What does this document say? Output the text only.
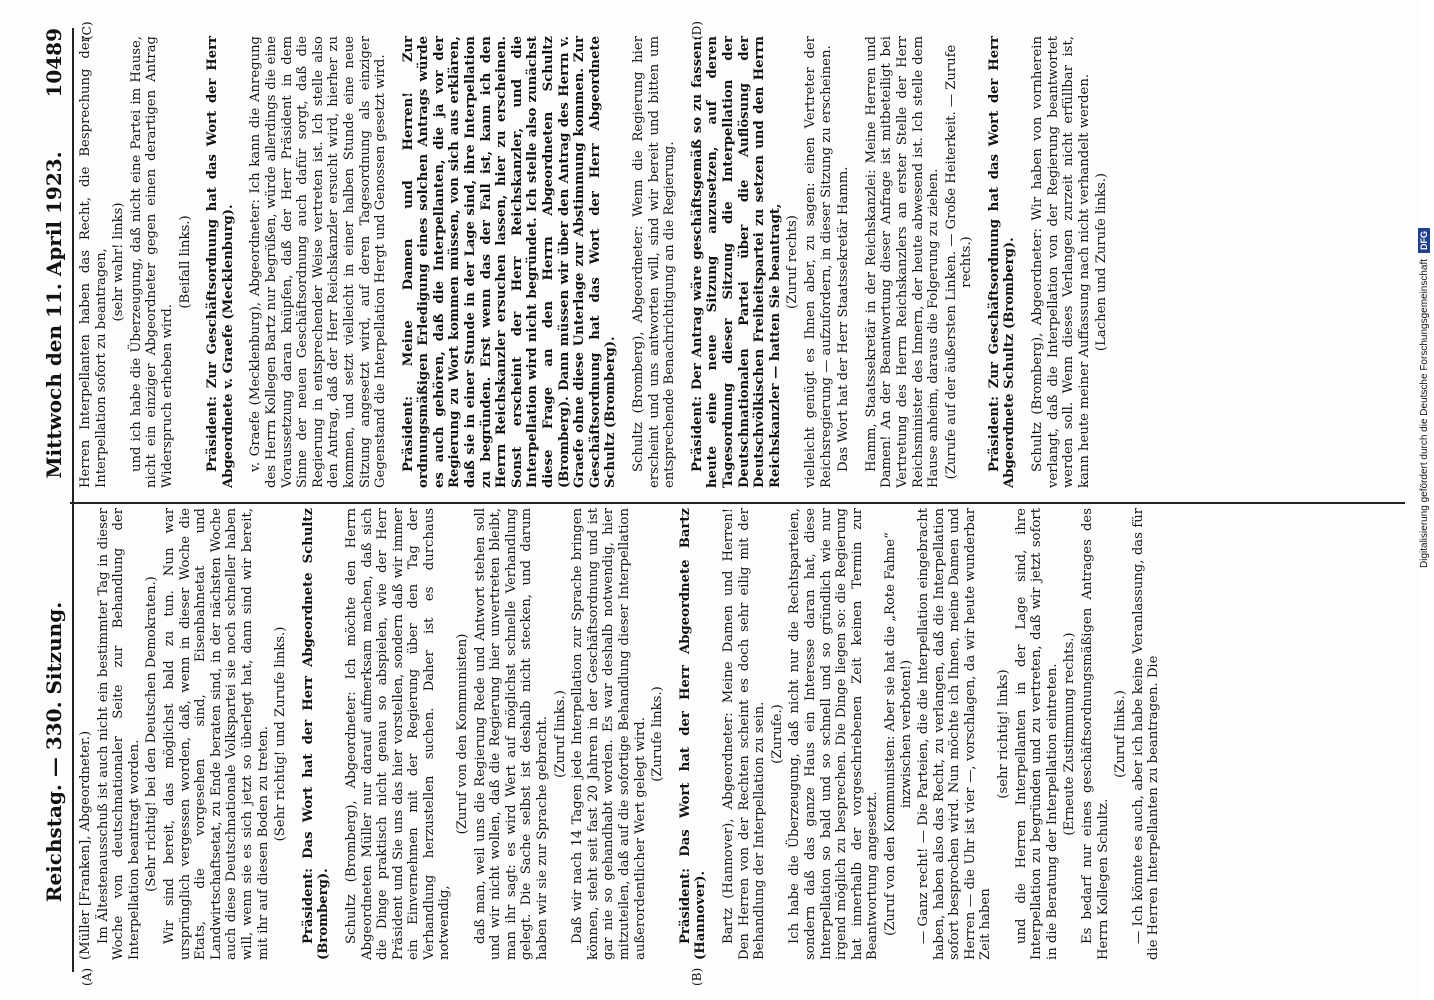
Reichstag. — 330. Sitzung.
Mittwoch den 11. April 1923.
10489
(A)	(B)
(C)	(D)

(Müller [Franken], Abgeordneter.) Im Ältestenausschuß ist auch nicht ein bestimmter Tag in dieser Woche von deutschnationaler Seite zur Behandlung der Interpellation beantragt worden. (Sehr richtig! bei den Deutschen Demokraten.) Wir sind bereit, das möglichst bald zu tun. Nun war ursprünglich vergessen worden, daß, wenn in dieser Woche die Etats, die vorgesehen sind, Eisenbahnetat und Landwirtschaftsetat, zu Ende beraten sind, in der nächsten Woche auch diese Deutschnationale Volkspartei sie noch schneller haben will, wenn sie es sich jetzt so überlegt hat, dann sind wir bereit, mit ihr auf diesen Boden zu treten. (Sehr richtig! und Zurufe links.) Präsident: Das Wort hat der Herr Abgeordnete Schultz (Bromberg). Schultz (Bromberg), Abgeordneter: Ich möchte den Herrn Abgeordneten Müller nur darauf aufmerksam machen, daß sich die Dinge praktisch nicht genau so abspielen, wie der Herr Präsident und Sie uns das hier vorstellen, sondern daß wir immer ein Einvernehmen mit der Regierung über den Tag der Verhandlung herzustellen suchen. Daher ist es durchaus notwendig,

(Zuruf von den Kommunisten) daß man, weil uns die Regierung Rede und Antwort stehen soll und wir nicht wollen, daß die Regierung hier unvertreten bleibt, man ihr sagt: es wird Wert auf möglichst schnelle Verhandlung gelegt. Die Sache selbst ist deshalb nicht stecken, und darum haben wir sie zur Sprache gebracht. (Zuruf links.) Daß wir nach 14 Tagen jede Interpellation zur Sprache bringen können, steht seit fast 20 Jahren in der Geschäftsordnung und ist gar nie so gehandhabt worden. Es war deshalb notwendig, hier mitzuteilen, daß auf die sofortige Behandlung dieser Interpellation außerordentlicher Wert gelegt wird. (Zurufe links.) Präsident: Das Wort hat der Herr Abgeordnete Bartz (Hannover). Bartz (Hannover), Abgeordneter: Meine Damen und Herren! Den Herren von der Rechten scheint es doch sehr eilig mit der Behandlung der Interpellation zu sein. (Zurufe.) Ich habe die Überzeugung, daß nicht nur die Rechtsparteien, sondern daß das ganze Haus ein Interesse daran hat, diese Interpellation so bald und so schnell und so gründlich wie nur irgend möglich zu besprechen. Die Dinge liegen so: die Regierung hat innerhalb der vorgeschriebenen Zeit keinen Termin zur Beantwortung angesetzt. (Zuruf von den Kommunisten: Aber sie hat die „Rote Fahne“ inzwischen verboten!) — Ganz recht! — Die Parteien, die die Interpellation eingebracht haben, haben also das Recht, zu verlangen, daß die Interpellation sofort besprochen wird. Nun möchte ich Ihnen, meine Damen und Herren — die Uhr ist vier —, vorschlagen, da wir heute wunderbar Zeit haben

(sehr richtig! links) und die Herren Interpellanten in der Lage sind, ihre Interpellation zu begründen und zu vertreten, daß wir jetzt sofort in die Beratung der Interpellation eintreten. (Erneute Zustimmung rechts.) Es bedarf nur eines geschäftsordnungsmäßigen Antrages des Herrn Kollegen Schultz.

(Zuruf links.) — Ich könnte es auch, aber ich habe keine Veranlassung, das für die Herren Interpellanten zu beantragen. Die

Herren Interpellanten haben das Recht, die Besprechung der Interpellation sofort zu beantragen, (sehr wahr! links) und ich habe die Überzeugung, daß nicht eine Partei im Hause, nicht ein einziger Abgeordneter gegen einen derartigen Antrag Widerspruch erheben wird.

(Beifall links.) Präsident: Zur Geschäftsordnung hat das Wort der Herr Abgeordnete v. Graefe (Mecklenburg). v. Graefe (Mecklenburg), Abgeordneter: Ich kann die Anregung des Herrn Kollegen Bartz nur begrüßen, würde allerdings die eine Voraussetzung daran knüpfen, daß der Herr Präsident in dem Sinne der neuen Geschäftsordnung auch dafür sorgt, daß die Regierung in entsprechender Weise vertreten ist. Ich stelle also den Antrag, daß der Herr Reichskanzler ersucht wird, hierher zu kommen, und setzt vielleicht in einer halben Stunde eine neue Sitzung angesetzt wird, auf deren Tagesordnung als einziger Gegenstand die Interpellation Hergt und Genossen gesetzt wird. Präsident: Meine Damen und Herren! Zur ordnungsmäßigen Erledigung eines solchen Antrags würde es auch gehören, daß die Interpellanten, die ja vor der Regierung zu Wort kommen müssen, von sich aus erklären, daß sie in einer Stunde in der Lage sind, ihre Interpellation zu begründen. Erst wenn das der Fall ist, kann ich den Herrn Reichskanzler ersuchen lassen, hier zu erscheinen. Sonst erscheint der Herr Reichskanzler, und die Interpellation wird nicht begründet. Ich stelle also zunächst diese Frage an den Herrn Abgeordneten Schultz (Bromberg). Dann müssen wir über den Antrag des Herrn v. Graefe ohne diese Unterlage zur Abstimmung kommen. Zur Geschäftsordnung hat das Wort der Herr Abgeordnete Schultz (Bromberg). Schultz (Bromberg), Abgeordneter: Wenn die Regierung hier erscheint und uns antworten will, sind wir bereit und bitten um entsprechende Benachrichtigung an die Regierung. Präsident: Der Antrag wäre geschäftsgemäß so zu fassen: heute eine neue Sitzung anzusetzen, auf deren Tagesordnung dieser Sitzung die Interpellation der Deutschnationalen Partei über die Auflösung der Deutschvölkischen Freiheitspartei zu setzen und den Herrn Reichskanzler — hatten Sie beantragt, (Zuruf rechts) vielleicht genügt es Ihnen aber, zu sagen: einen Vertreter der Reichsregierung — aufzufordern, in dieser Sitzung zu erscheinen. Das Wort hat der Herr Staatssekretär Hamm. Hamm, Staatssekretär in der Reichskanzlei: Meine Herren und Damen! An der Beantwortung dieser Anfrage ist mitbeteiligt bei Vertretung des Herrn Reichskanzlers an erster Stelle der Herr Reichsminister des Innern, der heute abwesend ist. Ich stelle dem Hause anheim, daraus die Folgerung zu ziehen. (Zurufe auf der äußersten Linken. — Große Heiterkeit. — Zurufe rechts.) Präsident: Zur Geschäftsordnung hat das Wort der Herr Abgeordnete Schultz (Bromberg). Schultz (Bromberg), Abgeordneter: Wir haben von vornherein verlangt, daß die Interpellation von der Regierung beantwortet werden soll. Wenn dieses Verlangen zurzeit nicht erfüllbar ist, kann heute meiner Auffassung nach nicht verhandelt werden. (Lachen und Zurufe links.)	Digitalisierung gefördert durch die Deutsche Forschungsgemeinschaft
DFG
